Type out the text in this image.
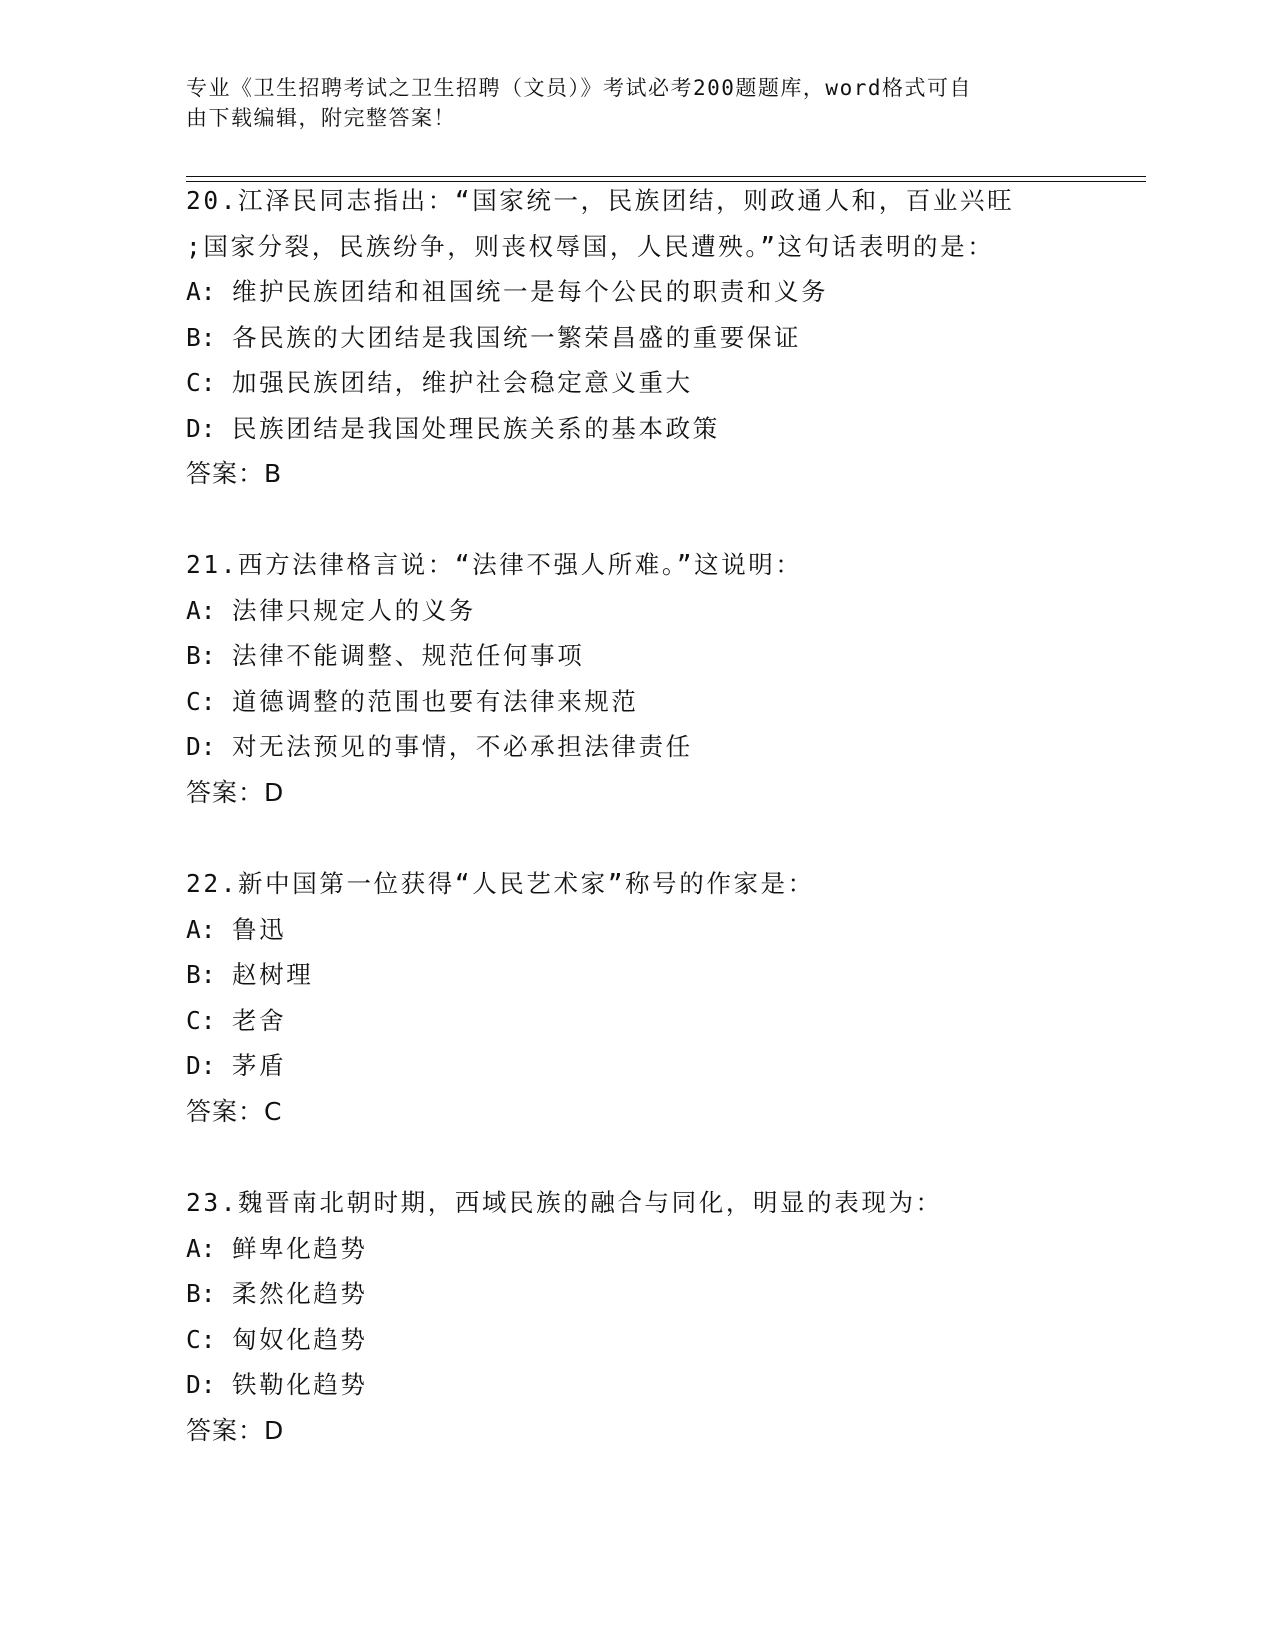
专业《卫生招聘考试之卫生招聘（文员）》考试必考200题题库，word格式可自
由下载编辑，附完整答案！
20.江泽民同志指出：“国家统一，民族团结，则政通人和，百业兴旺
;国家分裂，民族纷争，则丧权辱国，人民遭殃。”这句话表明的是：
A: 维护民族团结和祖国统一是每个公民的职责和义务
B: 各民族的大团结是我国统一繁荣昌盛的重要保证
C: 加强民族团结，维护社会稳定意义重大
D: 民族团结是我国处理民族关系的基本政策
答案：B
21.西方法律格言说：“法律不强人所难。”这说明：
A: 法律只规定人的义务
B: 法律不能调整、规范任何事项
C: 道德调整的范围也要有法律来规范
D: 对无法预见的事情，不必承担法律责任
答案：D
22.新中国第一位获得“人民艺术家”称号的作家是：
A: 鲁迅
B: 赵树理
C: 老舍
D: 茅盾
答案：C
23.魏晋南北朝时期，西域民族的融合与同化，明显的表现为：
A: 鲜卑化趋势
B: 柔然化趋势
C: 匈奴化趋势
D: 铁勒化趋势
答案：D
